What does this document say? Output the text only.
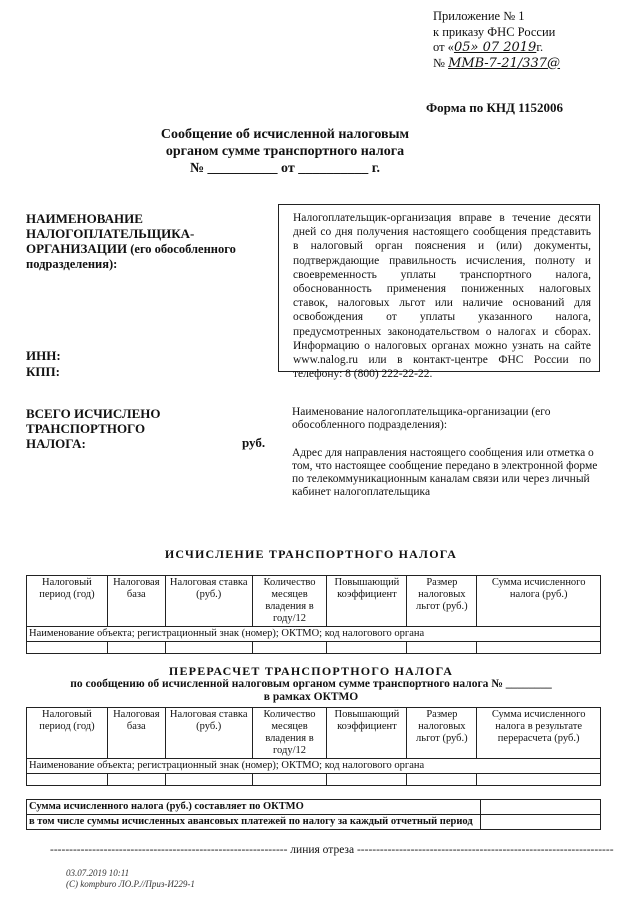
Приложение № 1
к приказу ФНС России
от «05» 07 2019г.
№ ММВ-7-21/337@
Форма по КНД 1152006
Сообщение об исчисленной налоговым
органом сумме транспортного налога
№ __________ от __________ г.
НАИМЕНОВАНИЕ
НАЛОГОПЛАТЕЛЬЩИКА-
ОРГАНИЗАЦИИ (его обособленного
подразделения):
ИНН:
КПП:
Налогоплательщик-организация вправе в течение десяти дней со дня получения настоящего сообщения представить в налоговый орган пояснения и (или) документы, подтверждающие правильность исчисления, полноту и своевременность уплаты транспортного налога, обоснованность применения пониженных налоговых ставок, налоговых льгот или наличие оснований для освобождения от уплаты указанного налога, предусмотренных законодательством о налогах и сборах. Информацию о налоговых органах можно узнать на сайте www.nalog.ru или в контакт-центре ФНС России по телефону: 8 (800) 222-22-22.
ВСЕГО ИСЧИСЛЕНО
ТРАНСПОРТНОГО
НАЛОГА:	руб.
Наименование налогоплательщика-организации (его обособленного подразделения):
Адрес для направления настоящего сообщения или отметка о том, что настоящее сообщение передано в электронной форме по телекоммуникационным каналам связи или через личный кабинет налогоплательщика
ИСЧИСЛЕНИЕ ТРАНСПОРТНОГО НАЛОГА
Налоговый период (год)	Налоговая база	Налоговая ставка (руб.)	Количество месяцев владения в году/12	Повышающий коэффициент	Размер налоговых льгот (руб.)	Сумма исчисленного налога (руб.)
Наименование объекта; регистрационный знак (номер); ОКТМО; код налогового органа						

ПЕРЕРАСЧЕТ ТРАНСПОРТНОГО НАЛОГА
по сообщению об исчисленной налоговым органом сумме транспортного налога № ________
в рамках ОКТМО
Налоговый период (год)	Налоговая база	Налоговая ставка (руб.)	Количество месяцев владения в году/12	Повышающий коэффициент	Размер налоговых льгот (руб.)	Сумма исчисленного налога в результате перерасчета (руб.)
Наименование объекта; регистрационный знак (номер); ОКТМО; код налогового органа						

Сумма исчисленного налога (руб.) составляет по ОКТМО	
в том числе суммы исчисленных авансовых платежей по налогу за каждый отчетный период	
-------------------------------------------------------------- линия отреза -------------------------------------------------------------------
03.07.2019 10:11
(С) kompburo ЛО.Р.//Приз-И229-1
